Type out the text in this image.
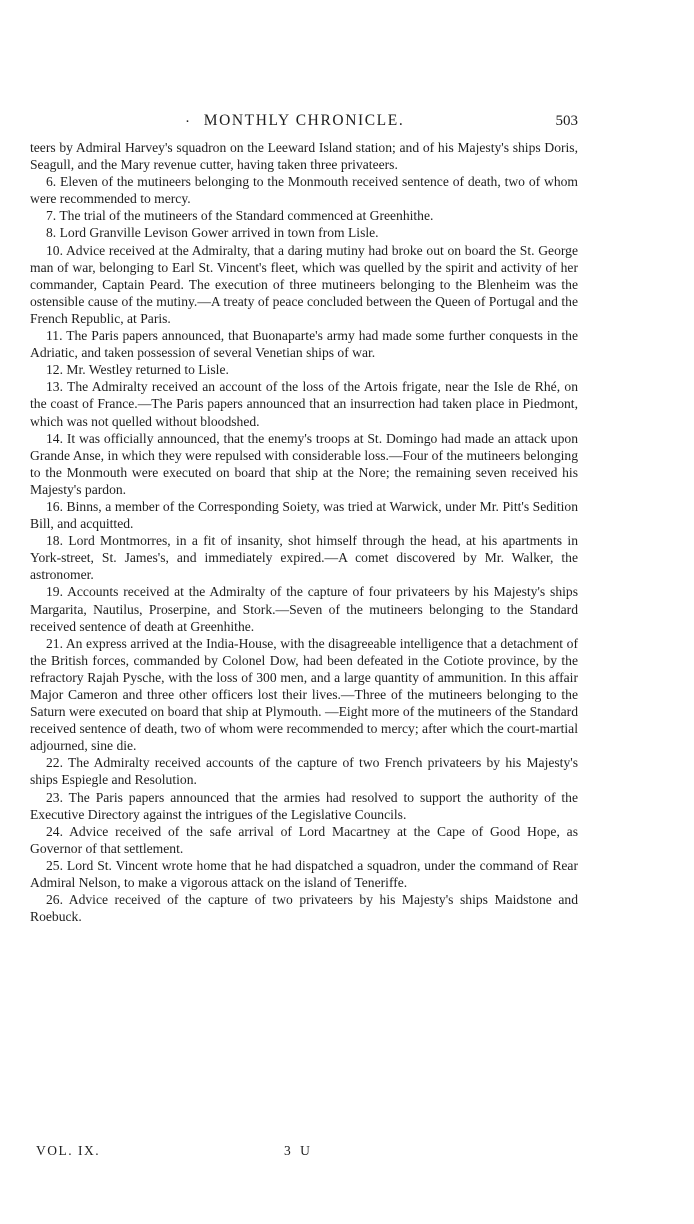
· MONTHLY CHRONICLE.	503

teers by Admiral Harvey's squadron on the Leeward Island station; and of his Majesty's ships Doris, Seagull, and the Mary revenue cutter, having taken three privateers.

6. Eleven of the mutineers belonging to the Monmouth received sentence of death, two of whom were recommended to mercy.

7. The trial of the mutineers of the Standard commenced at Greenhithe.

8. Lord Granville Levison Gower arrived in town from Lisle.

10. Advice received at the Admiralty, that a daring mutiny had broke out on board the St. George man of war, belonging to Earl St. Vincent's fleet, which was quelled by the spirit and activity of her commander, Captain Peard. The execution of three mutineers belonging to the Blenheim was the ostensible cause of the mutiny.—A treaty of peace concluded between the Queen of Portugal and the French Republic, at Paris.

11. The Paris papers announced, that Buonaparte's army had made some further conquests in the Adriatic, and taken possession of several Venetian ships of war.

12. Mr. Westley returned to Lisle.

13. The Admiralty received an account of the loss of the Artois frigate, near the Isle de Rhé, on the coast of France.—The Paris papers announced that an insurrection had taken place in Piedmont, which was not quelled without bloodshed.

14. It was officially announced, that the enemy's troops at St. Domingo had made an attack upon Grande Anse, in which they were repulsed with considerable loss.—Four of the mutineers belonging to the Monmouth were executed on board that ship at the Nore; the remaining seven received his Majesty's pardon.

16. Binns, a member of the Corresponding Soiety, was tried at Warwick, under Mr. Pitt's Sedition Bill, and acquitted.

18. Lord Montmorres, in a fit of insanity, shot himself through the head, at his apartments in York-street, St. James's, and immediately expired.—A comet discovered by Mr. Walker, the astronomer.

19. Accounts received at the Admiralty of the capture of four privateers by his Majesty's ships Margarita, Nautilus, Proserpine, and Stork.—Seven of the mutineers belonging to the Standard received sentence of death at Greenhithe.

21. An express arrived at the India-House, with the disagreeable intelligence that a detachment of the British forces, commanded by Colonel Dow, had been defeated in the Cotiote province, by the refractory Rajah Pysche, with the loss of 300 men, and a large quantity of ammunition. In this affair Major Cameron and three other officers lost their lives.—Three of the mutineers belonging to the Saturn were executed on board that ship at Plymouth. —Eight more of the mutineers of the Standard received sentence of death, two of whom were recommended to mercy; after which the court-martial adjourned, sine die.

22. The Admiralty received accounts of the capture of two French privateers by his Majesty's ships Espiegle and Resolution.

23. The Paris papers announced that the armies had resolved to support the authority of the Executive Directory against the intrigues of the Legislative Councils.

24. Advice received of the safe arrival of Lord Macartney at the Cape of Good Hope, as Governor of that settlement.

25. Lord St. Vincent wrote home that he had dispatched a squadron, under the command of Rear Admiral Nelson, to make a vigorous attack on the island of Teneriffe.

26. Advice received of the capture of two privateers by his Majesty's ships Maidstone and Roebuck.

VOL. IX.	3 U
